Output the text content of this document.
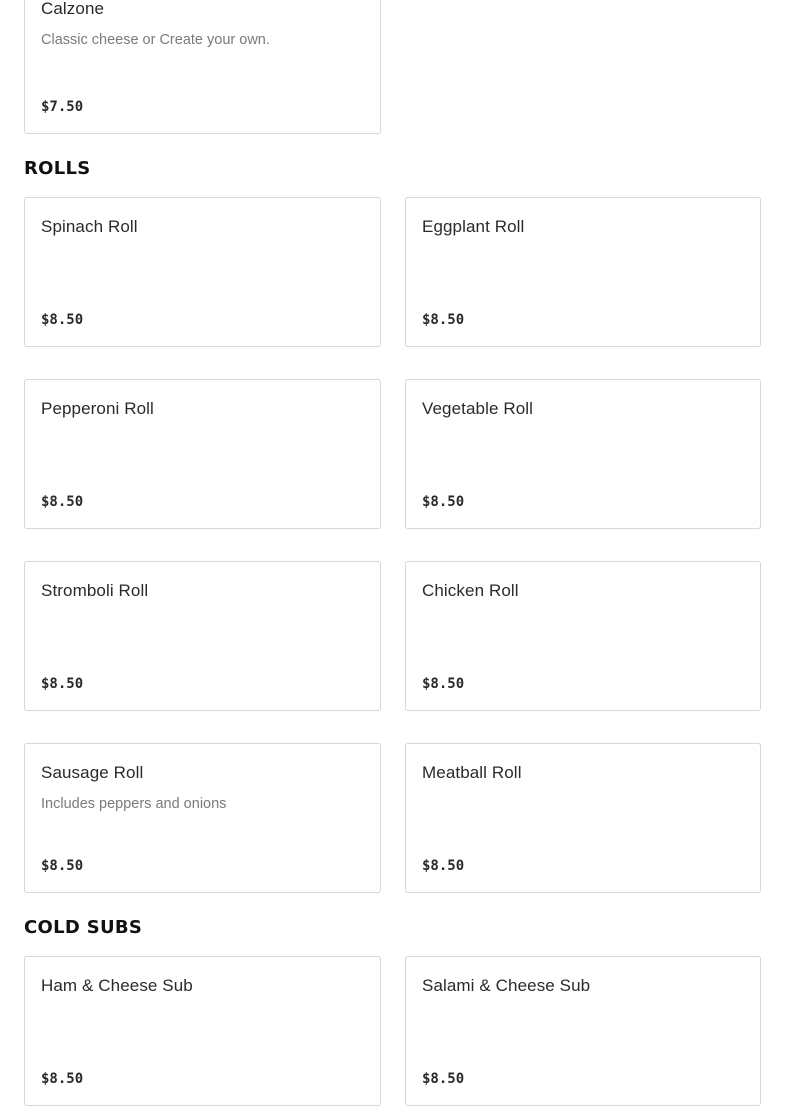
Calzone
Classic cheese or Create your own.
$7.50
ROLLS
Spinach Roll
$8.50
Eggplant Roll
$8.50
Pepperoni Roll
$8.50
Vegetable Roll
$8.50
Stromboli Roll
$8.50
Chicken Roll
$8.50
Sausage Roll
Includes peppers and onions
$8.50
Meatball Roll
$8.50
COLD SUBS
Ham & Cheese Sub
$8.50
Salami & Cheese Sub
$8.50
